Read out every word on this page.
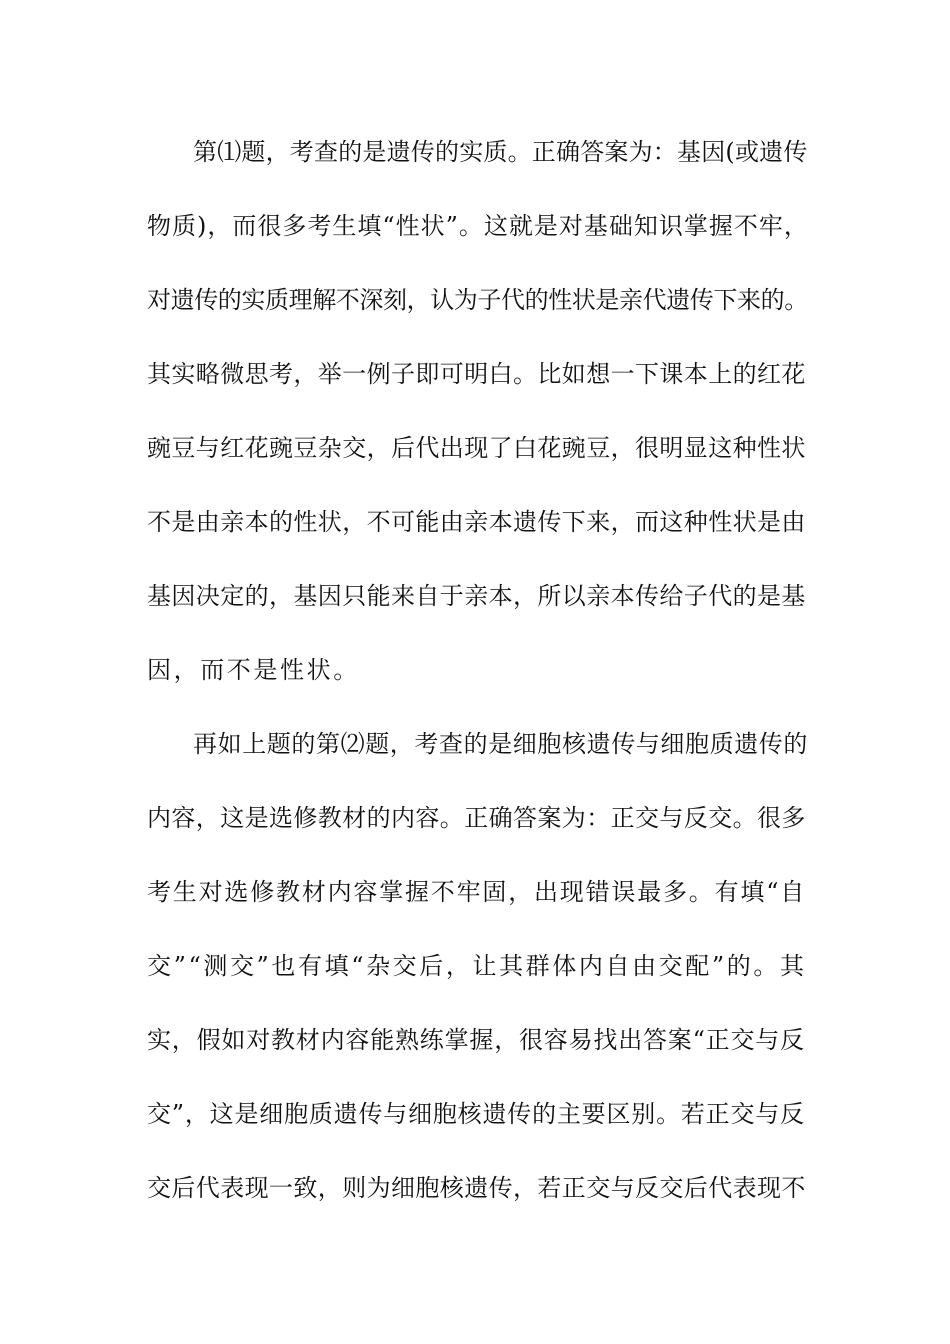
第⑴题，考查的是遗传的实质。正确答案为：基因(或遗传
物质)，而很多考生填“性状”。这就是对基础知识掌握不牢，
对遗传的实质理解不深刻，认为子代的性状是亲代遗传下来的。
其实略微思考，举一例子即可明白。比如想一下课本上的红花
豌豆与红花豌豆杂交，后代出现了白花豌豆，很明显这种性状
不是由亲本的性状，不可能由亲本遗传下来，而这种性状是由
基因决定的，基因只能来自于亲本，所以亲本传给子代的是基
因，而不是性状。
再如上题的第⑵题，考查的是细胞核遗传与细胞质遗传的
内容，这是选修教材的内容。正确答案为：正交与反交。很多
考生对选修教材内容掌握不牢固，出现错误最多。有填“自
交”“测交”也有填“杂交后，让其群体内自由交配”的。其
实，假如对教材内容能熟练掌握，很容易找出答案“正交与反
交”，这是细胞质遗传与细胞核遗传的主要区别。若正交与反
交后代表现一致，则为细胞核遗传，若正交与反交后代表现不
